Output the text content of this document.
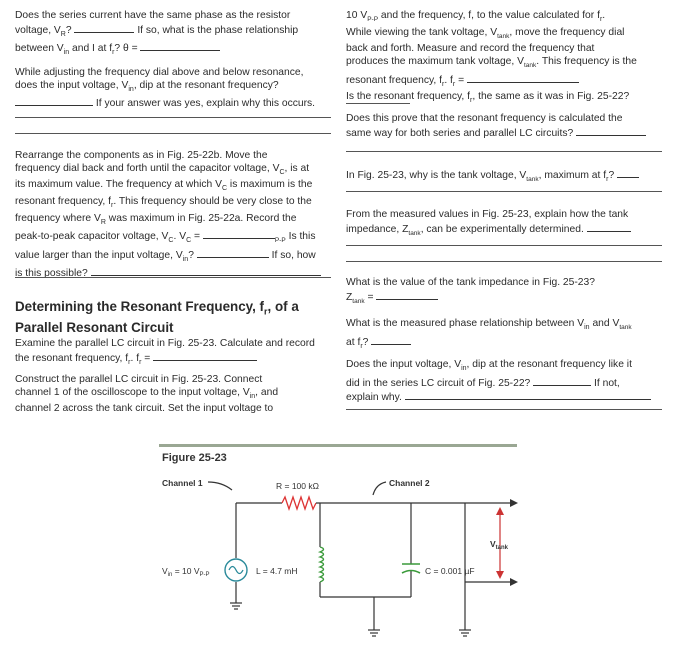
Does the series current have the same phase as the resistor
voltage, $V_R$?	If so, what is the phase relationship
between $V_{in}$ and I at $f_r$? θ =
While adjusting the frequency dial above and below resonance,
does the input voltage, $V_{in}$, dip at the resonant frequency?
If your answer was yes, explain why this occurs.
Rearrange the components as in Fig. 25-22b. Move the
frequency dial back and forth until the capacitor voltage, $V_C$, is at
its maximum value. The frequency at which $V_C$ is maximum is the
resonant frequency, $f_r$. This frequency should be very close to the
frequency where $V_R$ was maximum in Fig. 25-22a. Record the
peak-to-peak capacitor voltage, $V_C$. $V_C$ =	$_{P-P}$ Is this
value larger than the input voltage, $V_{in}$?	If so, how
is this possible?
Determining the Resonant Frequency, $f_r$, of a
Parallel Resonant Circuit
Examine the parallel LC circuit in Fig. 25-23. Calculate and record
the resonant frequency, $f_r$. $f_r$ =
Construct the parallel LC circuit in Fig. 25-23. Connect
channel 1 of the oscilloscope to the input voltage, $V_{in}$, and
channel 2 across the tank circuit. Set the input voltage to
10 $V_{P-P}$ and the frequency, f, to the value calculated for $f_r$.
While viewing the tank voltage, $V_{tank}$, move the frequency dial
back and forth. Measure and record the frequency that
produces the maximum tank voltage, $V_{tank}$. This frequency is the
resonant frequency, $f_r$. $f_r$ =
Is the resonant frequency, $f_r$, the same as it was in Fig. 25-22?
Does this prove that the resonant frequency is calculated the
same way for both series and parallel LC circuits?
In Fig. 25-23, why is the tank voltage, $V_{tank}$, maximum at $f_r$?
From the measured values in Fig. 25-23, explain how the tank
impedance, $Z_{tank}$, can be experimentally determined.
What is the value of the tank impedance in Fig. 25-23?
$Z_{tank}$ =
What is the measured phase relationship between $V_{in}$ and $V_{tank}$
at $f_r$?
Does the input voltage, $V_{in}$, dip at the resonant frequency like it
did in the series LC circuit of Fig. 25-22?	If not,
explain why.
Figure 25-23
Channel 1	Channel 2
R = 100 kΩ
L = 4.7 mH	C = 0.001 µF
$V_{in} = 10$ $V_{P-P}$
$V_{tank}$
